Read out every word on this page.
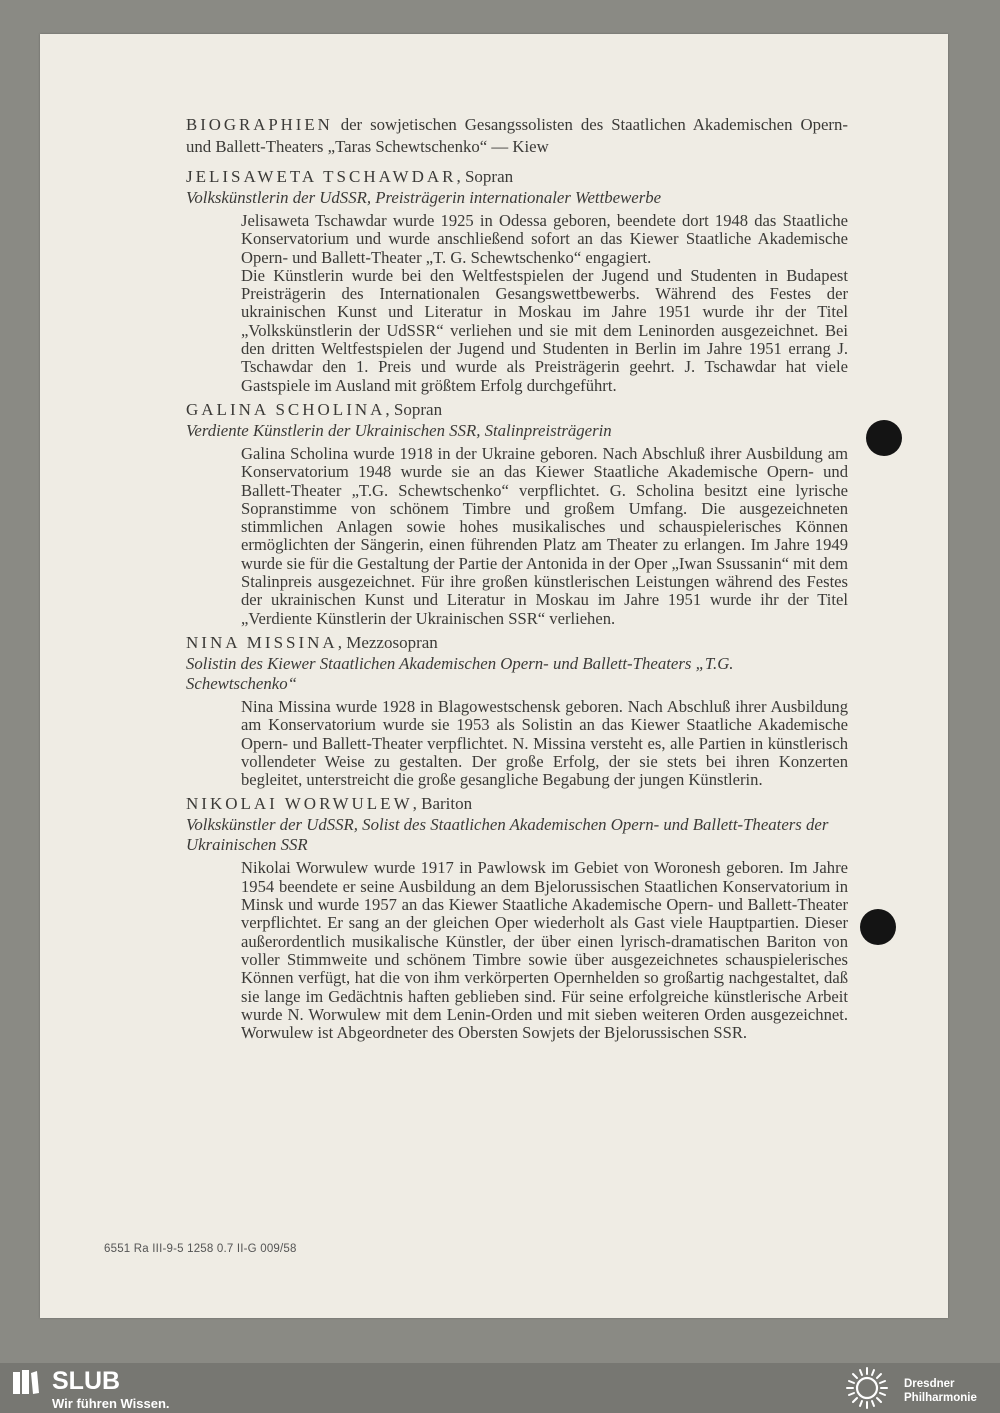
BIOGRAPHIEN der sowjetischen Gesangssolisten des Staatlichen Akademischen Opern- und Ballett-Theaters „Taras Schewtschenko“ — Kiew

JELISAWETA TSCHAWDAR, Sopran

Volkskünstlerin der UdSSR, Preisträgerin internationaler Wettbewerbe

Jelisaweta Tschawdar wurde 1925 in Odessa geboren, beendete dort 1948 das Staatliche Konservatorium und wurde anschließend sofort an das Kiewer Staatliche Akademische Opern- und Ballett-Theater „T. G. Schewtschenko“ engagiert.

Die Künstlerin wurde bei den Weltfestspielen der Jugend und Studenten in Budapest Preisträgerin des Internationalen Gesangswettbewerbs. Während des Festes der ukrainischen Kunst und Literatur in Moskau im Jahre 1951 wurde ihr der Titel „Volkskünstlerin der UdSSR“ verliehen und sie mit dem Leninorden ausgezeichnet. Bei den dritten Weltfestspielen der Jugend und Studenten in Berlin im Jahre 1951 errang J. Tschawdar den 1. Preis und wurde als Preisträgerin geehrt. J. Tschawdar hat viele Gastspiele im Ausland mit größtem Erfolg durchgeführt.

GALINA SCHOLINA, Sopran

Verdiente Künstlerin der Ukrainischen SSR, Stalinpreisträgerin

Galina Scholina wurde 1918 in der Ukraine geboren. Nach Abschluß ihrer Ausbildung am Konservatorium 1948 wurde sie an das Kiewer Staatliche Akademische Opern- und Ballett-Theater „T.G. Schewtschenko“ verpflichtet. G. Scholina besitzt eine lyrische Sopranstimme von schönem Timbre und großem Umfang. Die ausgezeichneten stimmlichen Anlagen sowie hohes musikalisches und schauspielerisches Können ermöglichten der Sängerin, einen führenden Platz am Theater zu erlangen. Im Jahre 1949 wurde sie für die Gestaltung der Partie der Antonida in der Oper „Iwan Ssussanin“ mit dem Stalinpreis ausgezeichnet. Für ihre großen künstlerischen Leistungen während des Festes der ukrainischen Kunst und Literatur in Moskau im Jahre 1951 wurde ihr der Titel „Verdiente Künstlerin der Ukrainischen SSR“ verliehen.

NINA MISSINA, Mezzosopran

Solistin des Kiewer Staatlichen Akademischen Opern- und Ballett-Theaters „T.G. Schewtschenko“

Nina Missina wurde 1928 in Blagowestschensk geboren. Nach Abschluß ihrer Ausbildung am Konservatorium wurde sie 1953 als Solistin an das Kiewer Staatliche Akademische Opern- und Ballett-Theater verpflichtet. N. Missina versteht es, alle Partien in künstlerisch vollendeter Weise zu gestalten. Der große Erfolg, der sie stets bei ihren Konzerten begleitet, unterstreicht die große gesangliche Begabung der jungen Künstlerin.

NIKOLAI WORWULEW, Bariton

Volkskünstler der UdSSR, Solist des Staatlichen Akademischen Opern- und Ballett-Theaters der Ukrainischen SSR

Nikolai Worwulew wurde 1917 in Pawlowsk im Gebiet von Woronesh geboren. Im Jahre 1954 beendete er seine Ausbildung an dem Bjelorussischen Staatlichen Konservatorium in Minsk und wurde 1957 an das Kiewer Staatliche Akademische Opern- und Ballett-Theater verpflichtet. Er sang an der gleichen Oper wiederholt als Gast viele Hauptpartien. Dieser außerordentlich musikalische Künstler, der über einen lyrisch-dramatischen Bariton von voller Stimmweite und schönem Timbre sowie über ausgezeichnetes schauspielerisches Können verfügt, hat die von ihm verkörperten Opernhelden so großartig nachgestaltet, daß sie lange im Gedächtnis haften geblieben sind. Für seine erfolgreiche künstlerische Arbeit wurde N. Worwulew mit dem Lenin-Orden und mit sieben weiteren Orden ausgezeichnet. Worwulew ist Abgeordneter des Obersten Sowjets der Bjelorussischen SSR.

6551 Ra III-9-5 1258 0.7 II-G 009/58
SLUB
Wir führen Wissen.
Dresdner
Philharmonie
